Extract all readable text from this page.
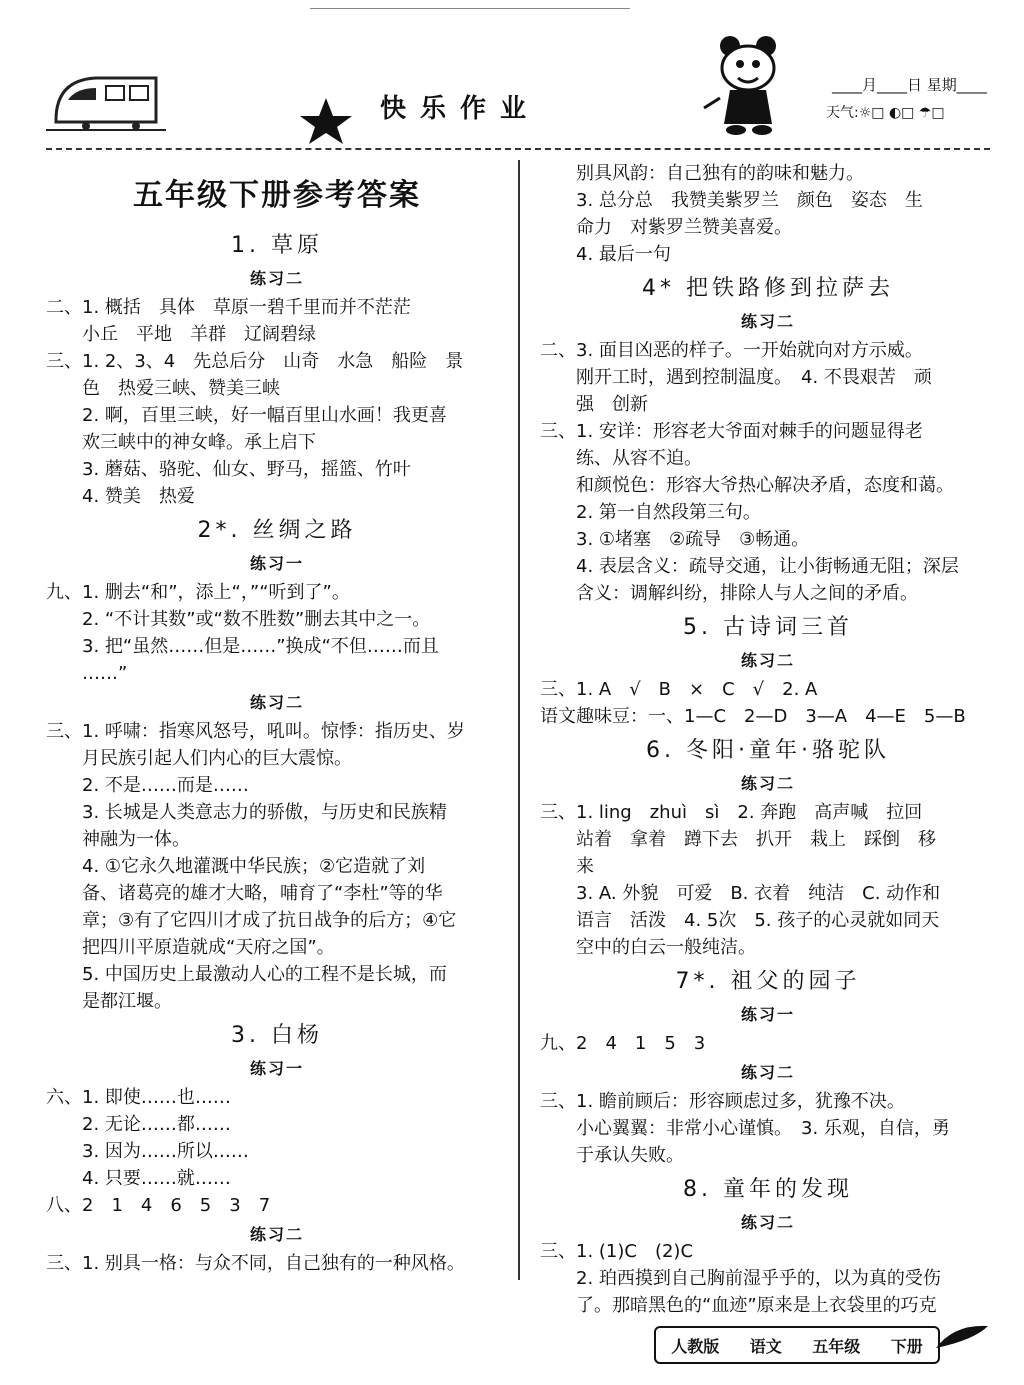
快乐作业
____月____日 星期____
天气:☼□ ◐□ ☂□
五年级下册参考答案
1. 草原
练习二
二、1. 概括　具体　草原一碧千里而并不茫茫
小丘　平地　羊群　辽阔碧绿
三、1. 2、3、4　先总后分　山奇　水急　船险　景
色　热爱三峡、赞美三峡
2. 啊，百里三峡，好一幅百里山水画！我更喜
欢三峡中的神女峰。承上启下
3. 蘑菇、骆驼、仙女、野马，摇篮、竹叶
4. 赞美　热爱
2*. 丝绸之路
练习一
九、1. 删去“和”，添上“，”“听到了”。
2. “不计其数”或“数不胜数”删去其中之一。
3. 把“虽然……但是……”换成“不但……而且
……”
练习二
三、1. 呼啸：指寒风怒号，吼叫。惊悸：指历史、岁
月民族引起人们内心的巨大震惊。
2. 不是……而是……
3. 长城是人类意志力的骄傲，与历史和民族精
神融为一体。
4. ①它永久地灌溉中华民族；②它造就了刘
备、诸葛亮的雄才大略，哺育了“李杜”等的华
章；③有了它四川才成了抗日战争的后方；④它
把四川平原造就成“天府之国”。
5. 中国历史上最激动人心的工程不是长城，而
是都江堰。
3. 白杨
练习一
六、1. 即使……也……
2. 无论……都……
3. 因为……所以……
4. 只要……就……
八、2　1　4　6　5　3　7
练习二
三、1. 别具一格：与众不同，自己独有的一种风格。
别具风韵：自己独有的韵味和魅力。
3. 总分总　我赞美紫罗兰　颜色　姿态　生
命力　对紫罗兰赞美喜爱。
4. 最后一句
4* 把铁路修到拉萨去
练习二
二、3. 面目凶恶的样子。一开始就向对方示威。
刚开工时，遇到控制温度。　4. 不畏艰苦　顽
强　创新
三、1. 安详：形容老大爷面对棘手的问题显得老
练、从容不迫。
和颜悦色：形容大爷热心解决矛盾，态度和蔼。
2. 第一自然段第三句。
3. ①堵塞　②疏导　③畅通。
4. 表层含义：疏导交通，让小街畅通无阻；深层
含义：调解纠纷，排除人与人之间的矛盾。
5. 古诗词三首
练习二
三、1. A　√　B　×　C　√　2. A
语文趣味豆：一、1—C　2—D　3—A　4—E　5—B
6. 冬阳·童年·骆驼队
练习二
三、1. ling　zhuì　sì　2. 奔跑　高声喊　拉回
站着　拿着　蹲下去　扒开　栽上　踩倒　移
来
3. A. 外貌　可爱　B. 衣着　纯洁　C. 动作和
语言　活泼　4. 5次　5. 孩子的心灵就如同天
空中的白云一般纯洁。
7*. 祖父的园子
练习一
九、2　4　1　5　3
练习二
三、1. 瞻前顾后：形容顾虑过多，犹豫不决。
小心翼翼：非常小心谨慎。　3. 乐观，自信，勇
于承认失败。
8. 童年的发现
练习二
三、1. (1)C　(2)C
2. 珀西摸到自己胸前湿乎乎的，以为真的受伤
了。那暗黑色的“血迹”原来是上衣袋里的巧克
人教版 语文 五年级 下册
